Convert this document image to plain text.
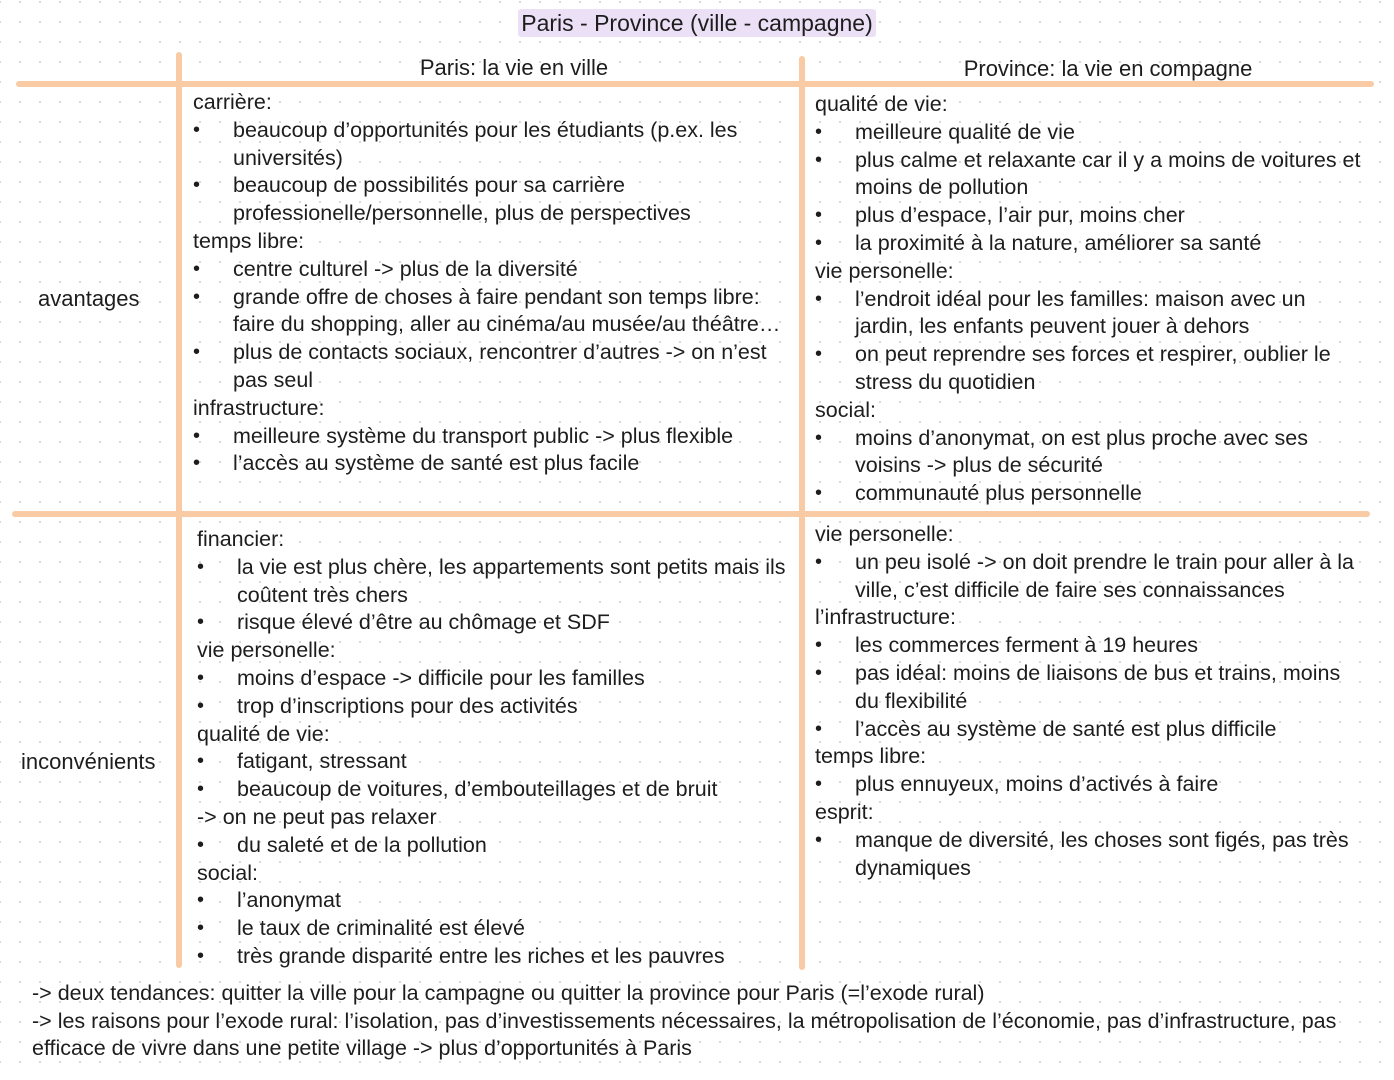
Paris - Province (ville - campagne)
Paris: la vie en ville	Province: la vie en compagne
avantages
inconvénients

carrière:

• beaucoup d’opportunités pour les étudiants (p.ex. les universités)
• beaucoup de possibilités pour sa carrière professionelle/personnelle, plus de perspectives

temps libre:

• centre culturel -> plus de la diversité
• grande offre de choses à faire pendant son temps libre: faire du shopping, aller au cinéma/au musée/au théâtre…
• plus de contacts sociaux, rencontrer d’autres -> on n’est pas seul

infrastructure:

• meilleure système du transport public -> plus flexible
• l’accès au système de santé est plus facile

qualité de vie:

• meilleure qualité de vie
• plus calme et relaxante car il y a moins de voitures et moins de pollution
• plus d’espace, l’air pur, moins cher
• la proximité à la nature, améliorer sa santé

vie personelle:

• l’endroit idéal pour les familles: maison avec un jardin, les enfants peuvent jouer à dehors
• on peut reprendre ses forces et respirer, oublier le stress du quotidien

social:

• moins d’anonymat, on est plus proche avec ses voisins -> plus de sécurité
• communauté plus personnelle

financier:

• la vie est plus chère, les appartements sont petits mais ils coûtent très chers
• risque élevé d’être au chômage et SDF

vie personelle:

• moins d’espace -> difficile pour les familles
• trop d’inscriptions pour des activités

qualité de vie:

• fatigant, stressant
• beaucoup de voitures, d’embouteillages et de bruit

-> on ne peut pas relaxer

• du saleté et de la pollution

social:

• l’anonymat
• le taux de criminalité est élevé
• très grande disparité entre les riches et les pauvres

vie personelle:

• un peu isolé -> on doit prendre le train pour aller à la ville, c’est difficile de faire ses connaissances

l’infrastructure:

• les commerces ferment à 19 heures
• pas idéal: moins de liaisons de bus et trains, moins du flexibilité
• l’accès au système de santé est plus difficile

temps libre:

• plus ennuyeux, moins d’activés à faire

esprit:

• manque de diversité, les choses sont figés, pas très dynamiques

-> deux tendances: quitter la ville pour la campagne ou quitter la province pour Paris (=l’exode rural)

-> les raisons pour l’exode rural: l’isolation, pas d’investissements nécessaires, la métropolisation de l’économie, pas d’infrastructure, pas efficace de vivre dans une petite village -> plus d’opportunités à Paris
